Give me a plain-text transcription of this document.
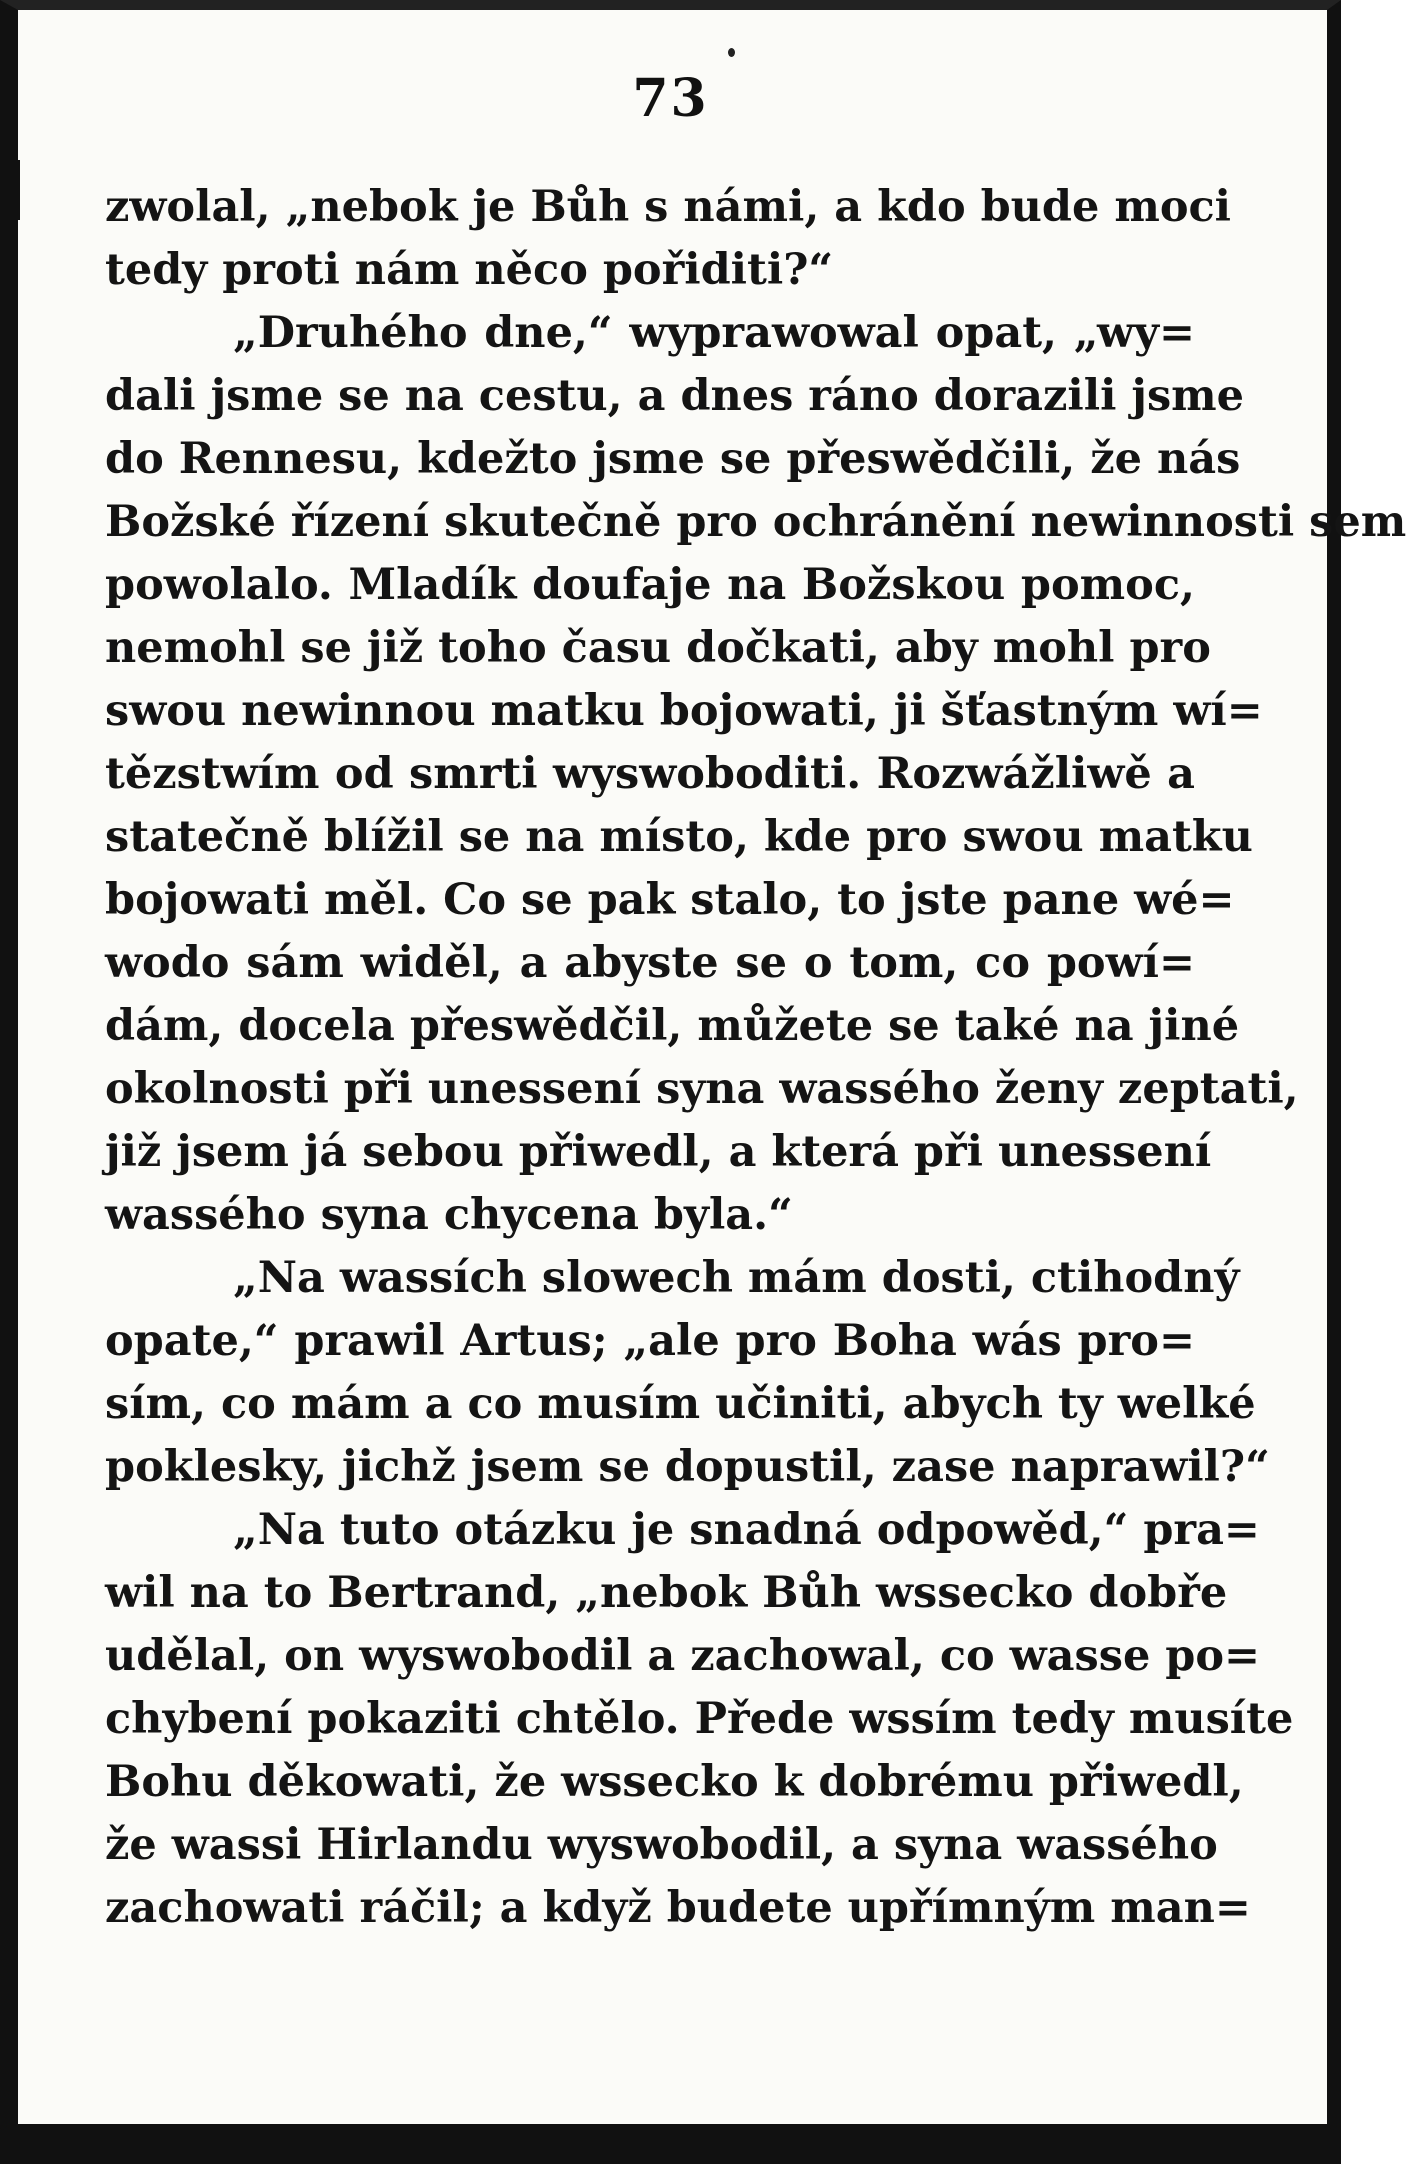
73
zwolal, „nebok je Bůh s námi, a kdo bude moci
tedy proti nám něco pořiditi?“
„Druhého dne,“ wyprawowal opat, „wy=
dali jsme se na cestu, a dnes ráno dorazili jsme
do Rennesu, kdežto jsme se přeswědčili, že nás
Božské řízení skutečně pro ochránění newinnosti sem
powolalo. Mladík doufaje na Božskou pomoc,
nemohl se již toho času dočkati, aby mohl pro
swou newinnou matku bojowati, ji šťastným wí=
tězstwím od smrti wyswoboditi. Rozwážliwě a
statečně blížil se na místo, kde pro swou matku
bojowati měl. Co se pak stalo, to jste pane wé=
wodo sám widěl, a abyste se o tom, co powí=
dám, docela přeswědčil, můžete se také na jiné
okolnosti při unessení syna wassého ženy zeptati,
již jsem já sebou přiwedl, a která při unessení
wassého syna chycena byla.“
„Na wassích slowech mám dosti, ctihodný
opate,“ prawil Artus; „ale pro Boha wás pro=
sím, co mám a co musím učiniti, abych ty welké
poklesky, jichž jsem se dopustil, zase naprawil?“
„Na tuto otázku je snadná odpowěd,“ pra=
wil na to Bertrand, „nebok Bůh wssecko dobře
udělal, on wyswobodil a zachowal, co wasse po=
chybení pokaziti chtělo. Přede wssím tedy musíte
Bohu děkowati, že wssecko k dobrému přiwedl,
že wassi Hirlandu wyswobodil, a syna wassého
zachowati ráčil; a když budete upřímným man=
